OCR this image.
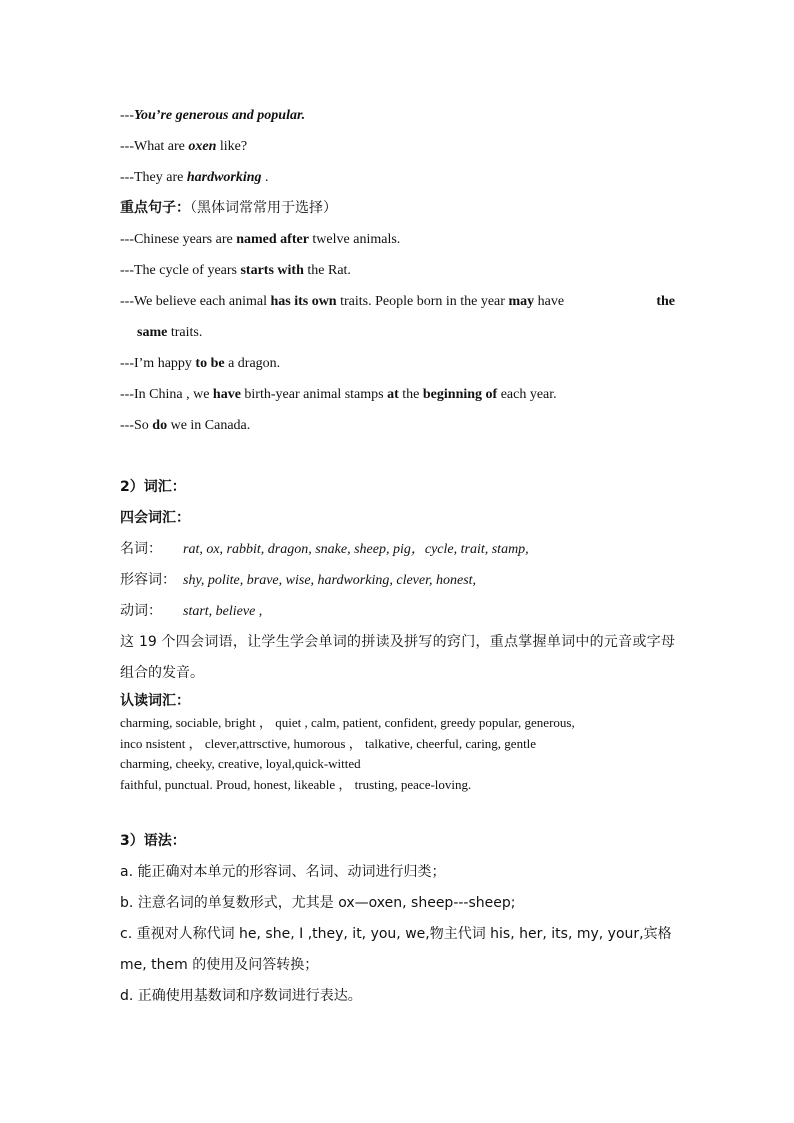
---You’re generous and popular.
---What are oxen like?
---They are hardworking .
重点句子：（黑体词常常用于选择）
---Chinese years are named after twelve animals.
---The cycle of years starts with the Rat.
---We believe each animal has its own traits. People born in the year may have	the
same traits.
---I’m happy to be a dragon.
---In China , we have birth-year animal stamps at the beginning of each year.
---So do we in Canada.
2）词汇：
四会词汇：
名词： rat, ox, rabbit, dragon, snake, sheep, pig，cycle, trait, stamp,
形容词： shy, polite, brave, wise, hardworking, clever, honest,
动词： start, believe ,
这 19 个四会词语，让学生学会单词的拼读及拼写的窍门，重点掌握单词中的元音或字母组合的发音。
认读词汇：
charming, sociable, bright ， quiet , calm, patient, confident, greedy popular, generous,
inco nsistent ， clever,attrsctive, humorous ， talkative, cheerful, caring, gentle
charming, cheeky, creative, loyal,quick-witted
faithful, punctual. Proud, honest, likeable ， trusting, peace-loving.
3）语法：
a. 能正确对本单元的形容词、名词、动词进行归类；
b. 注意名词的单复数形式，尤其是 ox—oxen, sheep---sheep;
c. 重视对人称代词 he, she, I ,they, it, you, we,物主代词 his, her, its, my, your,宾格
me, them 的使用及问答转换；
d. 正确使用基数词和序数词进行表达。
